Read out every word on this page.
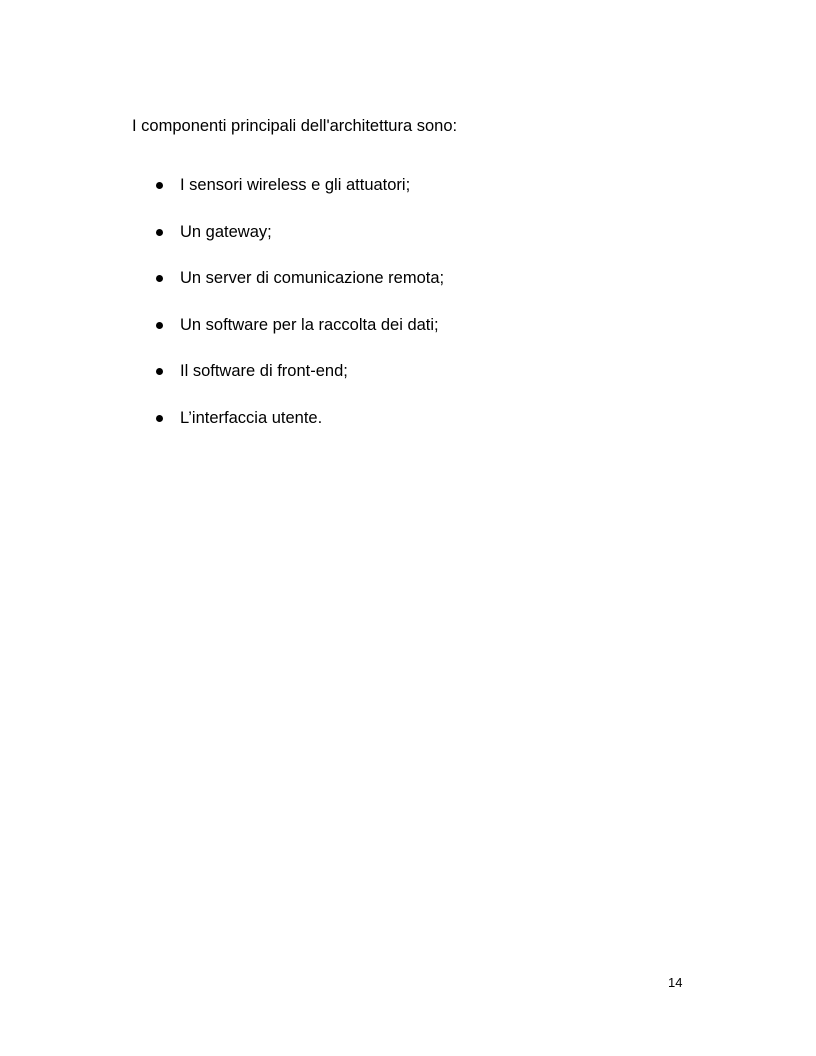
I componenti principali dell'architettura sono:

I sensori wireless e gli attuatori;
Un gateway;
Un server di comunicazione remota;
Un software per la raccolta dei dati;
Il software di front-end;
L’interfaccia utente.
14
